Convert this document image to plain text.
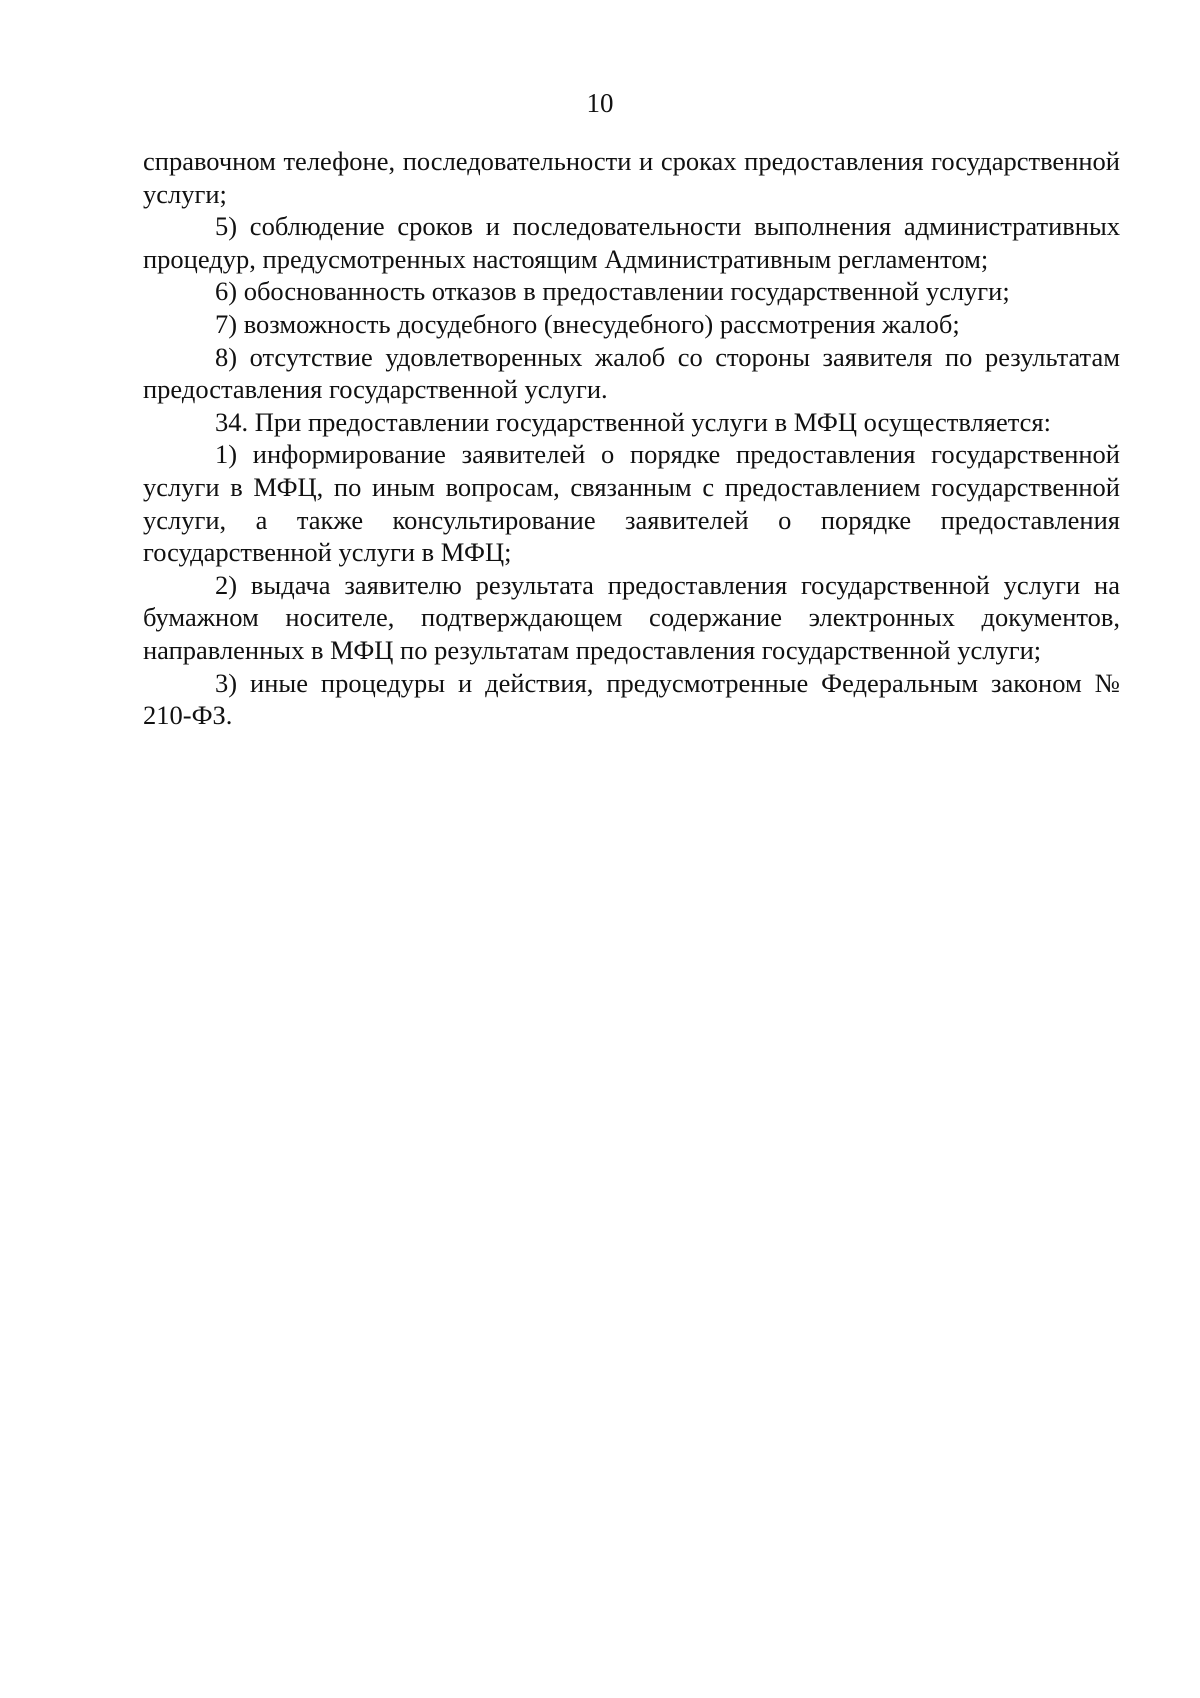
10

справочном телефоне, последовательности и сроках предоставления государственной услуги;

5) соблюдение сроков и последовательности выполнения административных процедур, предусмотренных настоящим Административным регламентом;

6) обоснованность отказов в предоставлении государственной услуги;

7) возможность досудебного (внесудебного) рассмотрения жалоб;

8) отсутствие удовлетворенных жалоб со стороны заявителя по результатам предоставления государственной услуги.

34. При предоставлении государственной услуги в МФЦ осуществляется:

1) информирование заявителей о порядке предоставления государственной услуги в МФЦ, по иным вопросам, связанным с предоставлением государственной услуги, а также консультирование заявителей о порядке предоставления государственной услуги в МФЦ;

2) выдача заявителю результата предоставления государственной услуги на бумажном носителе, подтверждающем содержание электронных документов, направленных в МФЦ по результатам предоставления государственной услуги;

3) иные процедуры и действия, предусмотренные Федеральным законом № 210-ФЗ.
